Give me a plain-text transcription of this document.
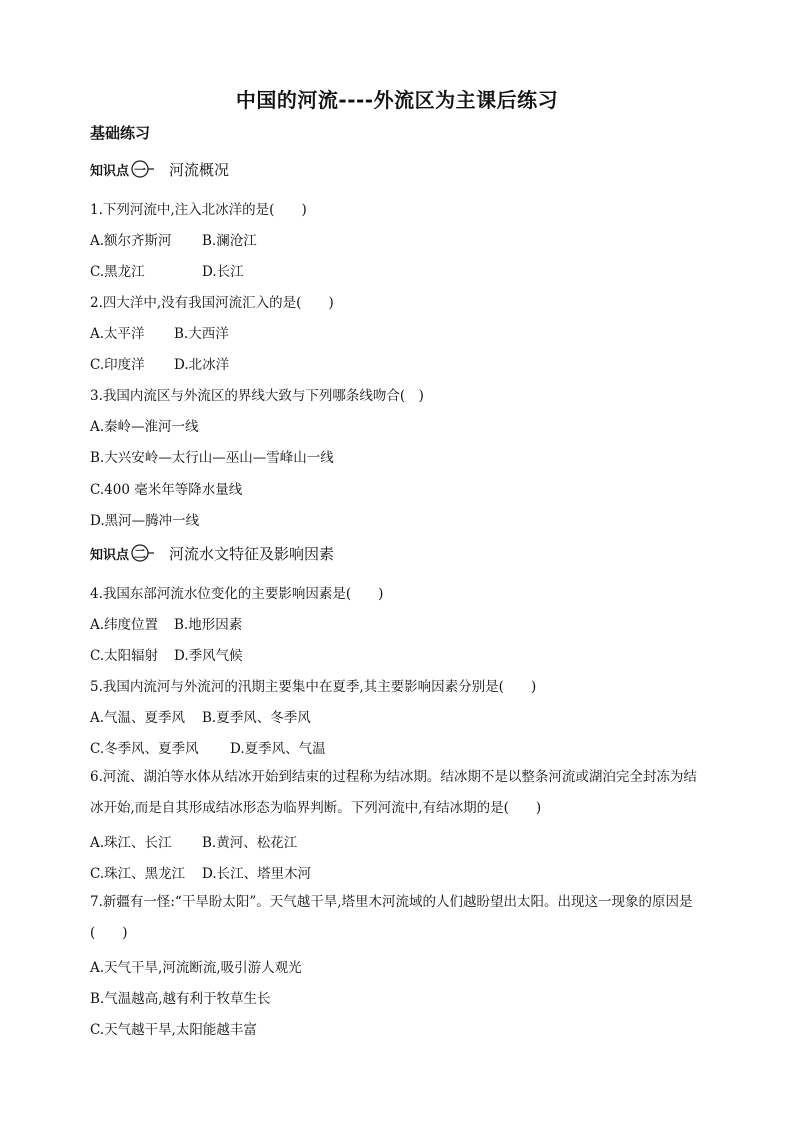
中国的河流----外流区为主课后练习
基础练习
知识点 一 河流概况
1.下列河流中,注入北冰洋的是(　　)
A.额尔齐斯河 B.澜沧江
C.黑龙江	D.长江
2.四大洋中,没有我国河流汇入的是(　　)
A.太平洋 B.大西洋
C.印度洋 D.北冰洋
3.我国内流区与外流区的界线大致与下列哪条线吻合(　)
A.秦岭—淮河一线
B.大兴安岭—太行山—巫山—雪峰山一线
C.400 毫米年等降水量线
D.黑河—腾冲一线
知识点 二 河流水文特征及影响因素
4.我国东部河流水位变化的主要影响因素是(　　)
A.纬度位置 B.地形因素
C.太阳辐射 D.季风气候
5.我国内流河与外流河的汛期主要集中在夏季,其主要影响因素分别是(　　)
A.气温、夏季风 B.夏季风、冬季风
C.冬季风、夏季风 D.夏季风、气温
6.河流、湖泊等水体从结冰开始到结束的过程称为结冰期。结冰期不是以整条河流或湖泊完全封冻为结冰开始,而是自其形成结冰形态为临界判断。下列河流中,有结冰期的是(　　)
A.珠江、长江 B.黄河、松花江
C.珠江、黑龙江 D.长江、塔里木河
7.新疆有一怪:“干旱盼太阳”。天气越干旱,塔里木河流域的人们越盼望出太阳。出现这一现象的原因是(　　)
A.天气干旱,河流断流,吸引游人观光
B.气温越高,越有利于牧草生长
C.天气越干旱,太阳能越丰富
